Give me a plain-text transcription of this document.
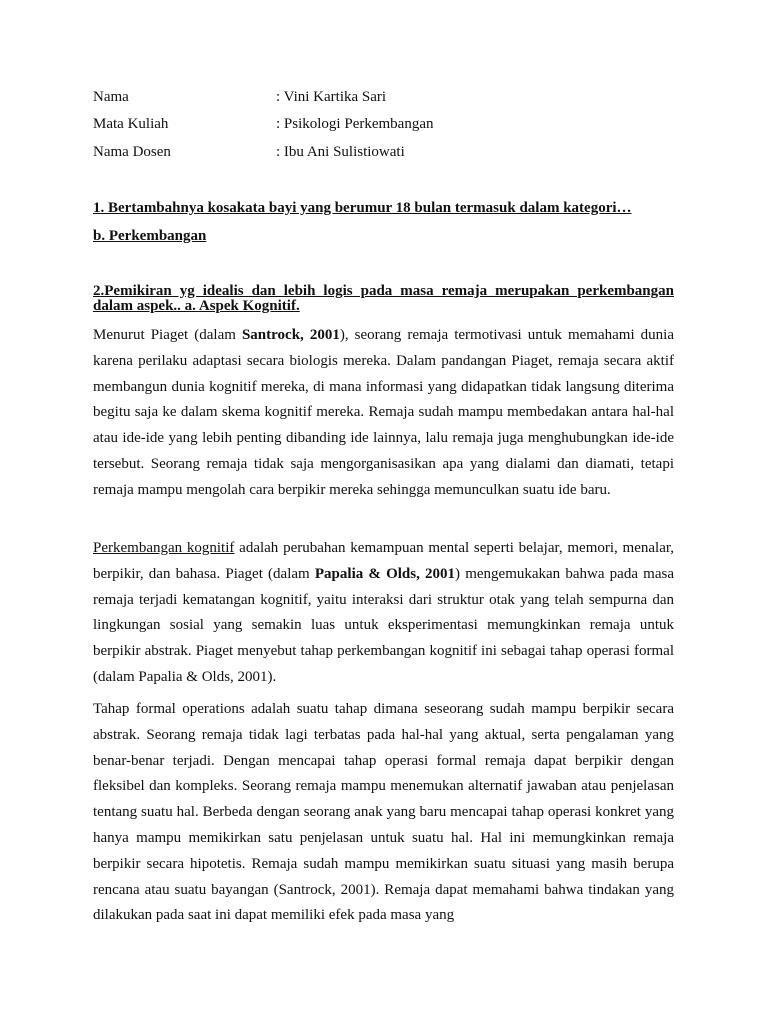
Nama	: Vini Kartika Sari
Mata Kuliah	: Psikologi Perkembangan
Nama Dosen	: Ibu Ani Sulistiowati
1. Bertambahnya kosakata bayi yang berumur 18 bulan termasuk dalam kategori…
b. Perkembangan
2.Pemikiran yg idealis dan lebih logis pada masa remaja merupakan perkembangan
dalam aspek.. a. Aspek Kognitif.

Menurut Piaget (dalam Santrock, 2001), seorang remaja termotivasi untuk memahami dunia karena perilaku adaptasi secara biologis mereka. Dalam pandangan Piaget, remaja secara aktif membangun dunia kognitif mereka, di mana informasi yang didapatkan tidak langsung diterima begitu saja ke dalam skema kognitif mereka. Remaja sudah mampu membedakan antara hal-hal atau ide-ide yang lebih penting dibanding ide lainnya, lalu remaja juga menghubungkan ide-ide tersebut. Seorang remaja tidak saja mengorganisasikan apa yang dialami dan diamati, tetapi remaja mampu mengolah cara berpikir mereka sehingga memunculkan suatu ide baru.

Perkembangan kognitif adalah perubahan kemampuan mental seperti belajar, memori, menalar, berpikir, dan bahasa. Piaget (dalam Papalia & Olds, 2001) mengemukakan bahwa pada masa remaja terjadi kematangan kognitif, yaitu interaksi dari struktur otak yang telah sempurna dan lingkungan sosial yang semakin luas untuk eksperimentasi memungkinkan remaja untuk berpikir abstrak. Piaget menyebut tahap perkembangan kognitif ini sebagai tahap operasi formal (dalam Papalia & Olds, 2001).

Tahap formal operations adalah suatu tahap dimana seseorang sudah mampu berpikir secara abstrak. Seorang remaja tidak lagi terbatas pada hal-hal yang aktual, serta pengalaman yang benar-benar terjadi. Dengan mencapai tahap operasi formal remaja dapat berpikir dengan fleksibel dan kompleks. Seorang remaja mampu menemukan alternatif jawaban atau penjelasan tentang suatu hal. Berbeda dengan seorang anak yang baru mencapai tahap operasi konkret yang hanya mampu memikirkan satu penjelasan untuk suatu hal. Hal ini memungkinkan remaja berpikir secara hipotetis. Remaja sudah mampu memikirkan suatu situasi yang masih berupa rencana atau suatu bayangan (Santrock, 2001). Remaja dapat memahami bahwa tindakan yang dilakukan pada saat ini dapat memiliki efek pada masa yang
